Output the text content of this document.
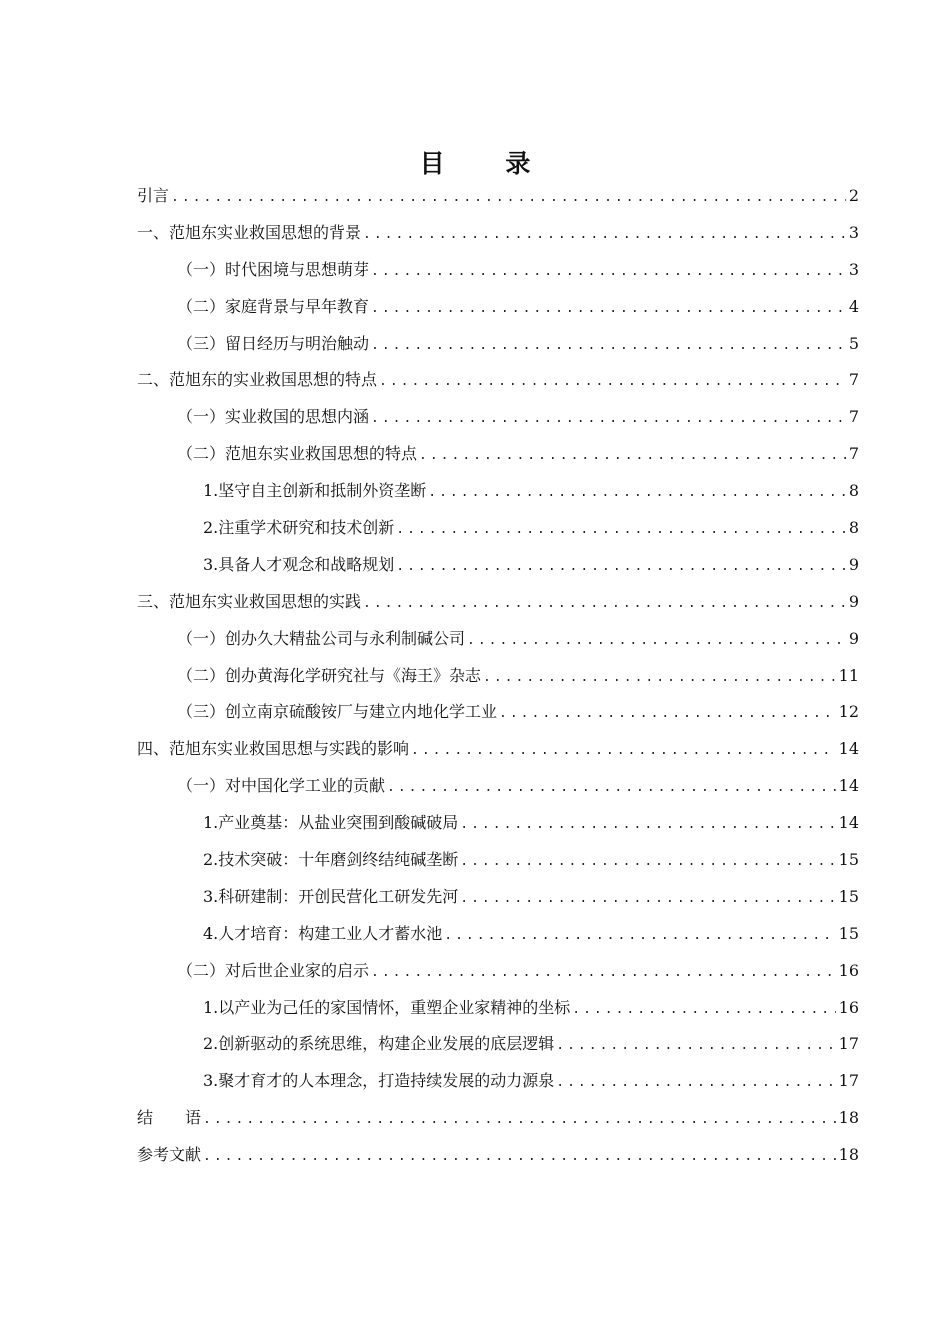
目 录
引言 .....	2
一、范旭东实业救国思想的背景 .....	3
（一）时代困境与思想萌芽 .....	3
（二）家庭背景与早年教育 .....	4
（三）留日经历与明治触动 .....	5
二、范旭东的实业救国思想的特点 .....	7
（一）实业救国的思想内涵 .....	7
（二）范旭东实业救国思想的特点 .....	7
1.坚守自主创新和抵制外资垄断 .....	8
2.注重学术研究和技术创新 .....	8
3.具备人才观念和战略规划 .....	9
三、范旭东实业救国思想的实践 .....	9
（一）创办久大精盐公司与永利制碱公司 .....	9
（二）创办黄海化学研究社与《海王》杂志 .....	11
（三）创立南京硫酸铵厂与建立内地化学工业 .....	12
四、范旭东实业救国思想与实践的影响 .....	14
（一）对中国化学工业的贡献 .....	14
1.产业奠基：从盐业突围到酸碱破局 .....	14
2.技术突破：十年磨剑终结纯碱垄断 .....	15
3.科研建制：开创民营化工研发先河 .....	15
4.人才培育：构建工业人才蓄水池 .....	15
（二）对后世企业家的启示 .....	16
1.以产业为己任的家国情怀，重塑企业家精神的坐标 .....	16
2.创新驱动的系统思维，构建企业发展的底层逻辑 .....	17
3.聚才育才的人本理念，打造持续发展的动力源泉 .....	17
结　　语 .....	18
参考文献 .....	18
